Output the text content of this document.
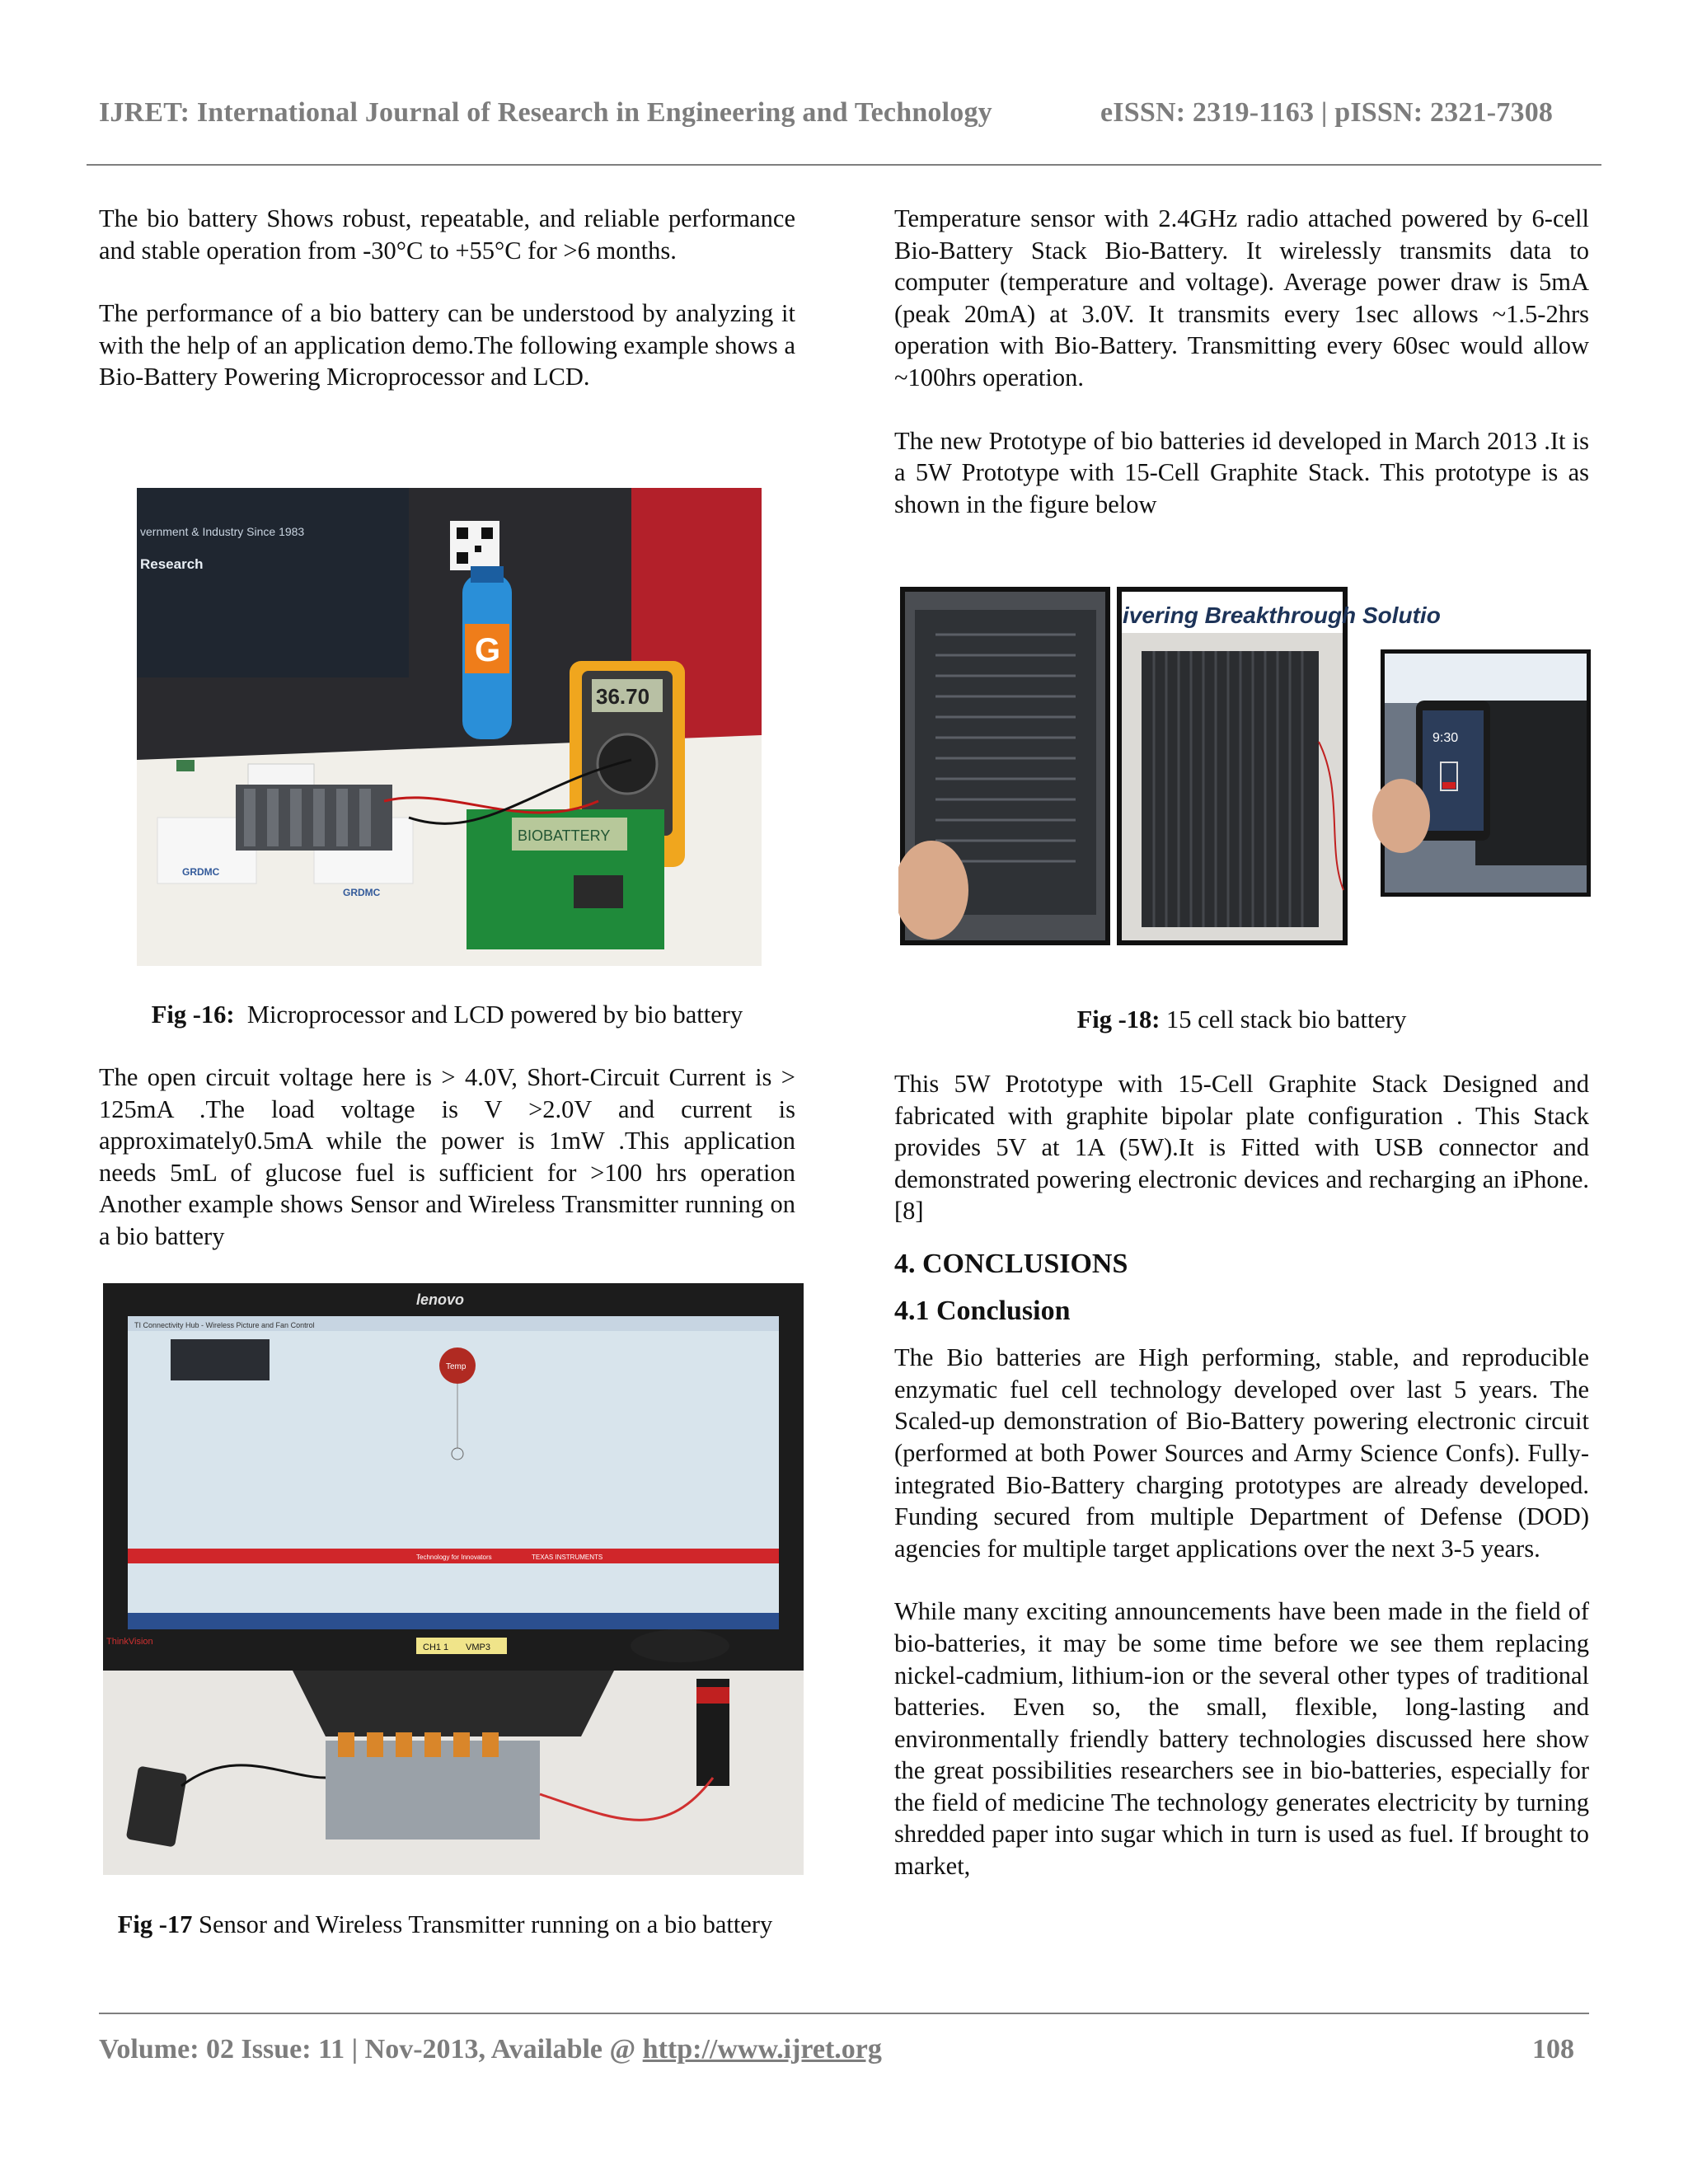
IJRET: International Journal of Research in Engineering and Technology	eISSN: 2319-1163 | pISSN: 2321-7308

The bio battery Shows robust, repeatable, and reliable performance and stable operation from -30°C to +55°C for >6 months.

The performance of a bio battery can be understood by analyzing it with the help of an application demo.The following example shows a Bio-Battery Powering Microprocessor and LCD.

vernment & Industry Since 1983
Research
G
36.70
GRDMC
GRDMC
BIOBATTERY
Fig -16: Microprocessor and LCD powered by bio battery

The open circuit voltage here is > 4.0V, Short-Circuit Current is > 125mA .The load voltage is V >2.0V and current is approximately0.5mA while the power is 1mW .This application needs 5mL of glucose fuel is sufficient for >100 hrs operation Another example shows Sensor and Wireless Transmitter running on a bio battery

lenovo
TI Connectivity Hub - Wireless Picture and Fan Control
Temp
Technology for Innovators	TEXAS INSTRUMENTS
ThinkVision
CH1 1 VMP3
Fig -17 Sensor and Wireless Transmitter running on a bio battery

Temperature sensor with 2.4GHz radio attached powered by 6-cell Bio-Battery Stack Bio-Battery. It wirelessly transmits data to computer (temperature and voltage). Average power draw is 5mA (peak 20mA) at 3.0V. It transmits every 1sec allows ~1.5-2hrs operation with Bio-Battery. Transmitting every 60sec would allow ~100hrs operation.

The new Prototype of bio batteries id developed in March 2013 .It is a 5W Prototype with 15-Cell Graphite Stack. This prototype is as shown in the figure below

ivering Breakthrough Solutio
9:30
Fig -18: 15 cell stack bio battery

This 5W Prototype with 15-Cell Graphite Stack Designed and fabricated with graphite bipolar plate configuration . This Stack provides 5V at 1A (5W).It is Fitted with USB connector and demonstrated powering electronic devices and recharging an iPhone.[8]

4. CONCLUSIONS
4.1 Conclusion

The Bio batteries are High performing, stable, and reproducible enzymatic fuel cell technology developed over last 5 years. The Scaled-up demonstration of Bio-Battery powering electronic circuit (performed at both Power Sources and Army Science Confs). Fully-integrated Bio-Battery charging prototypes are already developed. Funding secured from multiple Department of Defense (DOD) agencies for multiple target applications over the next 3-5 years.

While many exciting announcements have been made in the field of bio-batteries, it may be some time before we see them replacing nickel-cadmium, lithium-ion or the several other types of traditional batteries. Even so, the small, flexible, long-lasting and environmentally friendly battery technologies discussed here show the great possibilities researchers see in bio-batteries, especially for the field of medicine The technology generates electricity by turning shredded paper into sugar which in turn is used as fuel. If brought to market,

Volume: 02 Issue: 11 | Nov-2013, Available @ http://www.ijret.org	108
